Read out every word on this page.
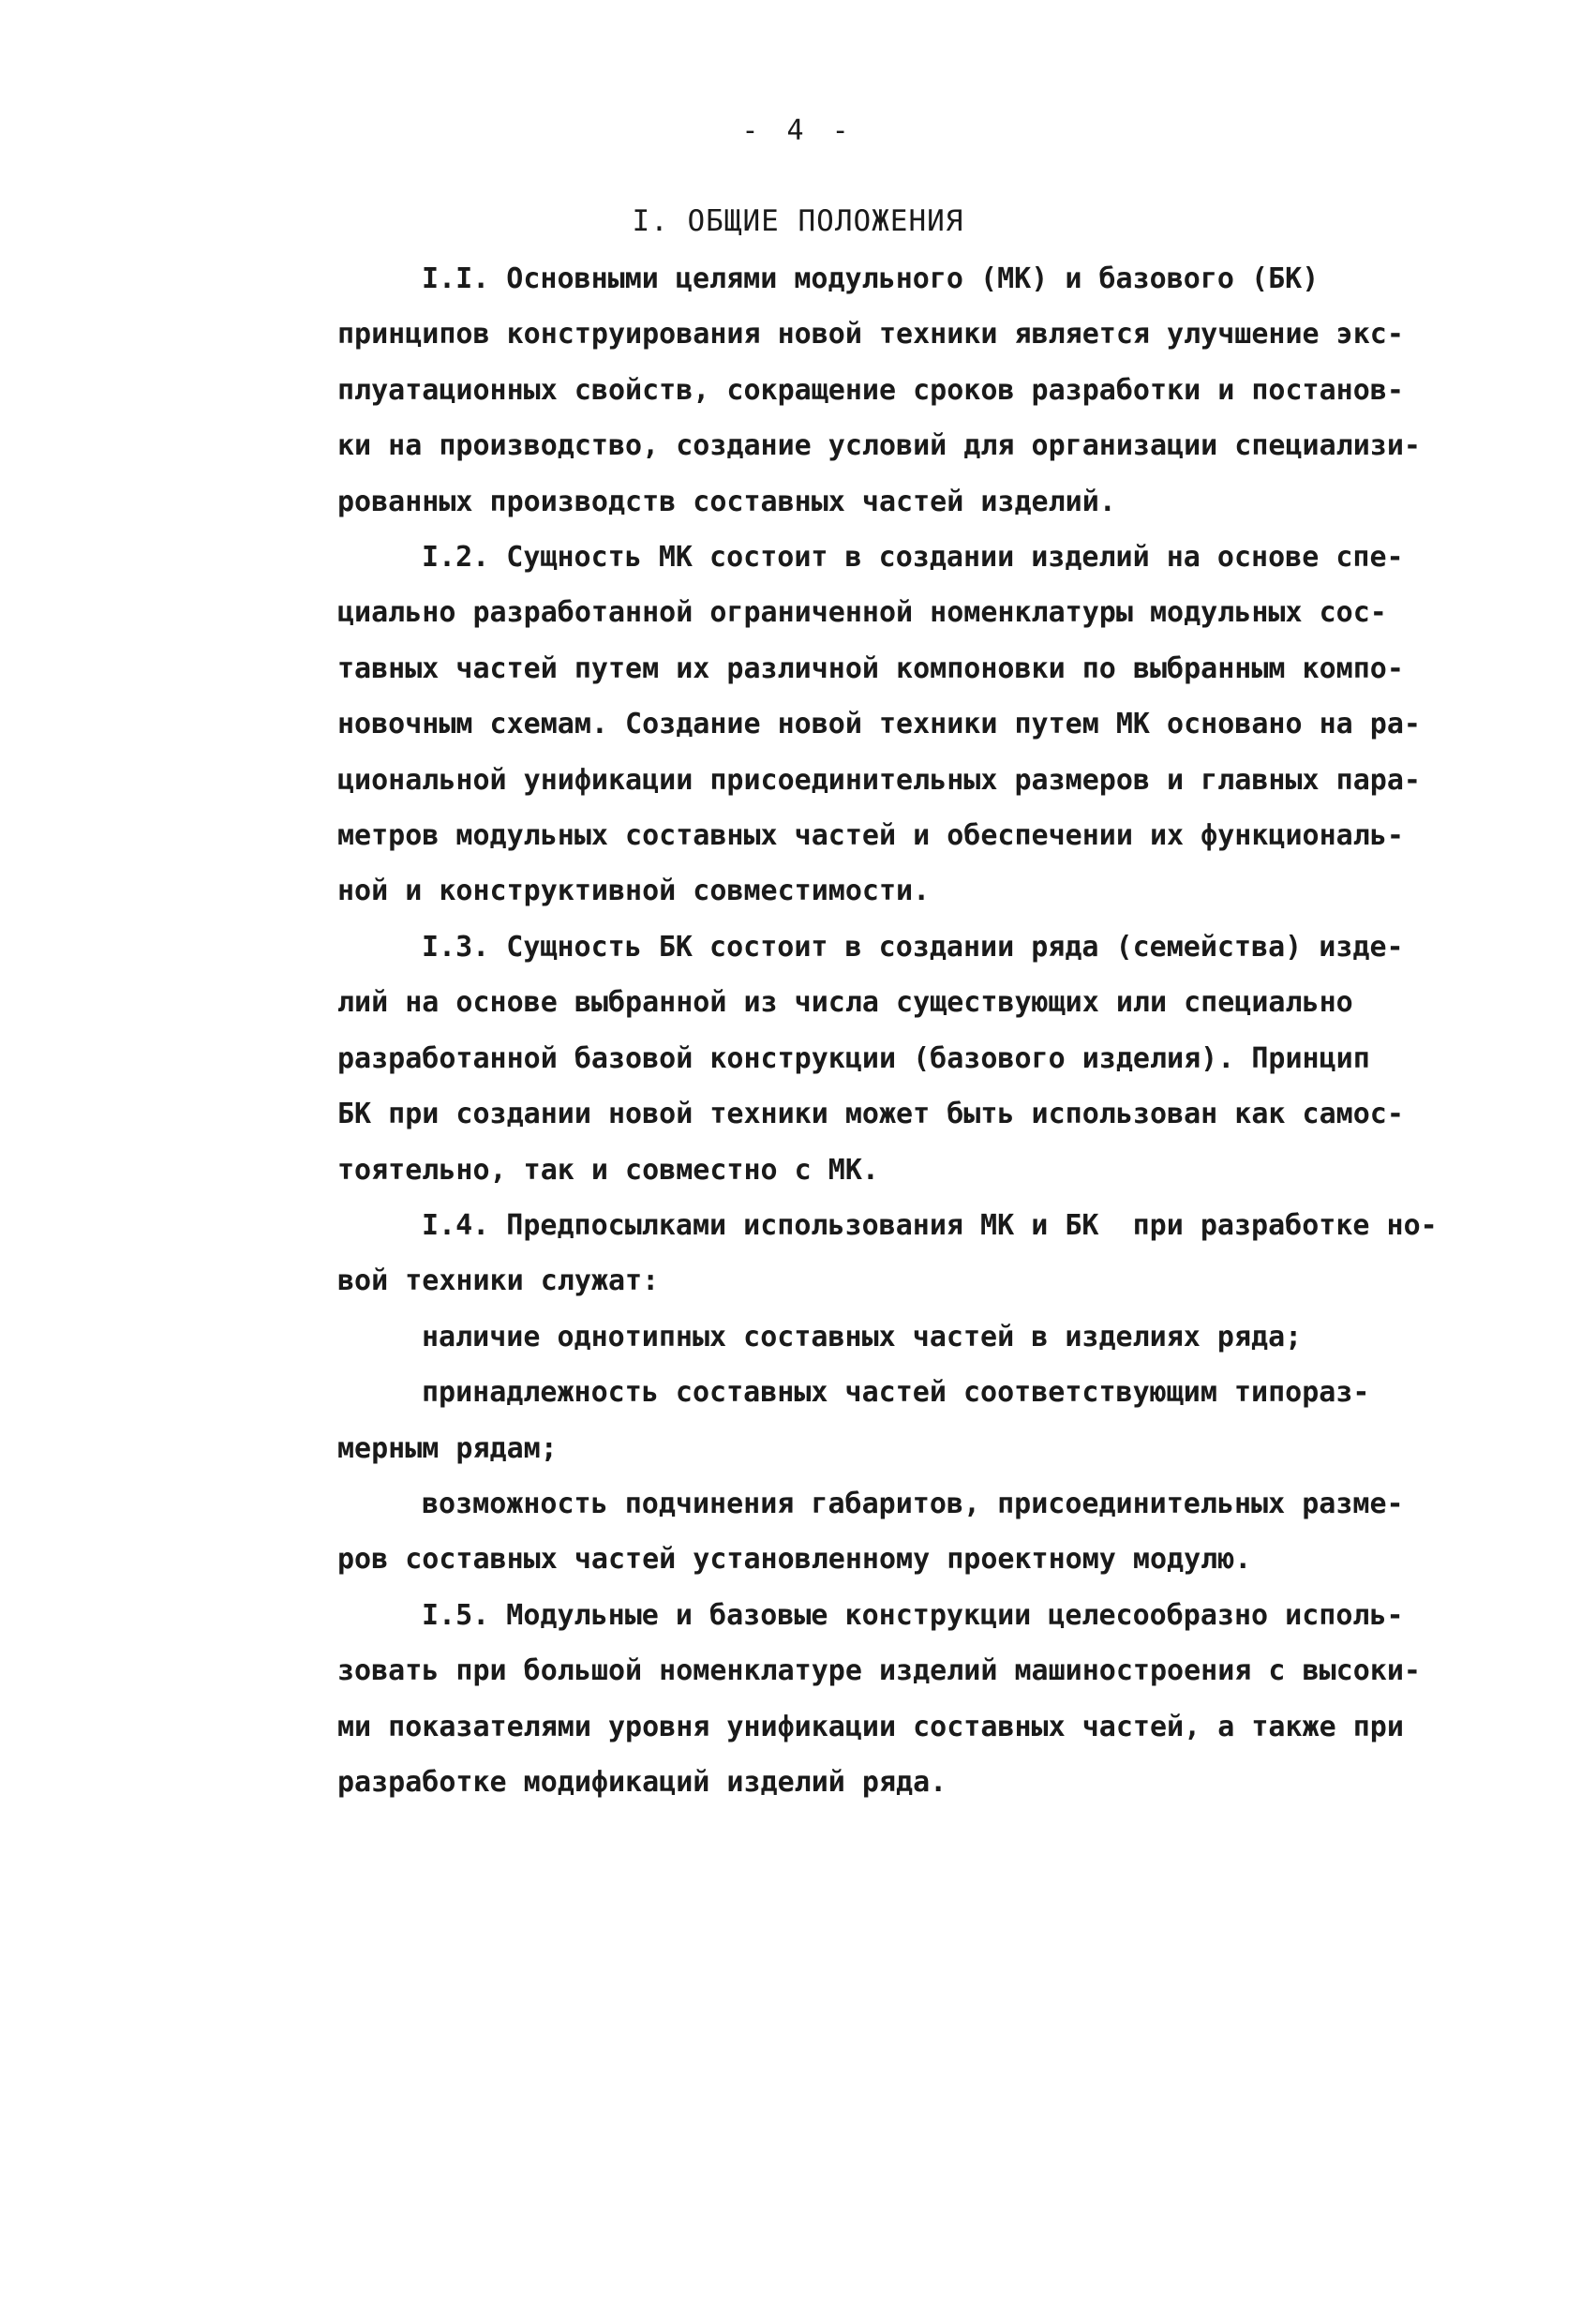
- 4 -
I. ОБЩИЕ ПОЛОЖЕНИЯ
I.I. Основными целями модульного (МК) и базового (БК)
принципов конструирования новой техники является улучшение экс-
плуатационных свойств, сокращение сроков разработки и постанов-
ки на производство, создание условий для организации специализи-
рованных производств составных частей изделий.
I.2. Сущность МК состоит в создании изделий на основе спе-
циально разработанной ограниченной номенклатуры модульных сос-
тавных частей путем их различной компоновки по выбранным компо-
новочным схемам. Создание новой техники путем МК основано на ра-
циональной унификации присоединительных размеров и главных пара-
метров модульных составных частей и обеспечении их функциональ-
ной и конструктивной совместимости.
I.3. Сущность БК состоит в создании ряда (семейства) изде-
лий на основе выбранной из числа существующих или специально
разработанной базовой конструкции (базового изделия). Принцип
БК при создании новой техники может быть использован как самос-
тоятельно, так и совместно с МК.
I.4. Предпосылками использования МК и БК  при разработке но-
вой техники служат:
наличие однотипных составных частей в изделиях ряда;
принадлежность составных частей соответствующим типораз-
мерным рядам;
возможность подчинения габаритов, присоединительных разме-
ров составных частей установленному проектному модулю.
I.5. Модульные и базовые конструкции целесообразно исполь-
зовать при большой номенклатуре изделий машиностроения с высоки-
ми показателями уровня унификации составных частей, а также при
разработке модификаций изделий ряда.
